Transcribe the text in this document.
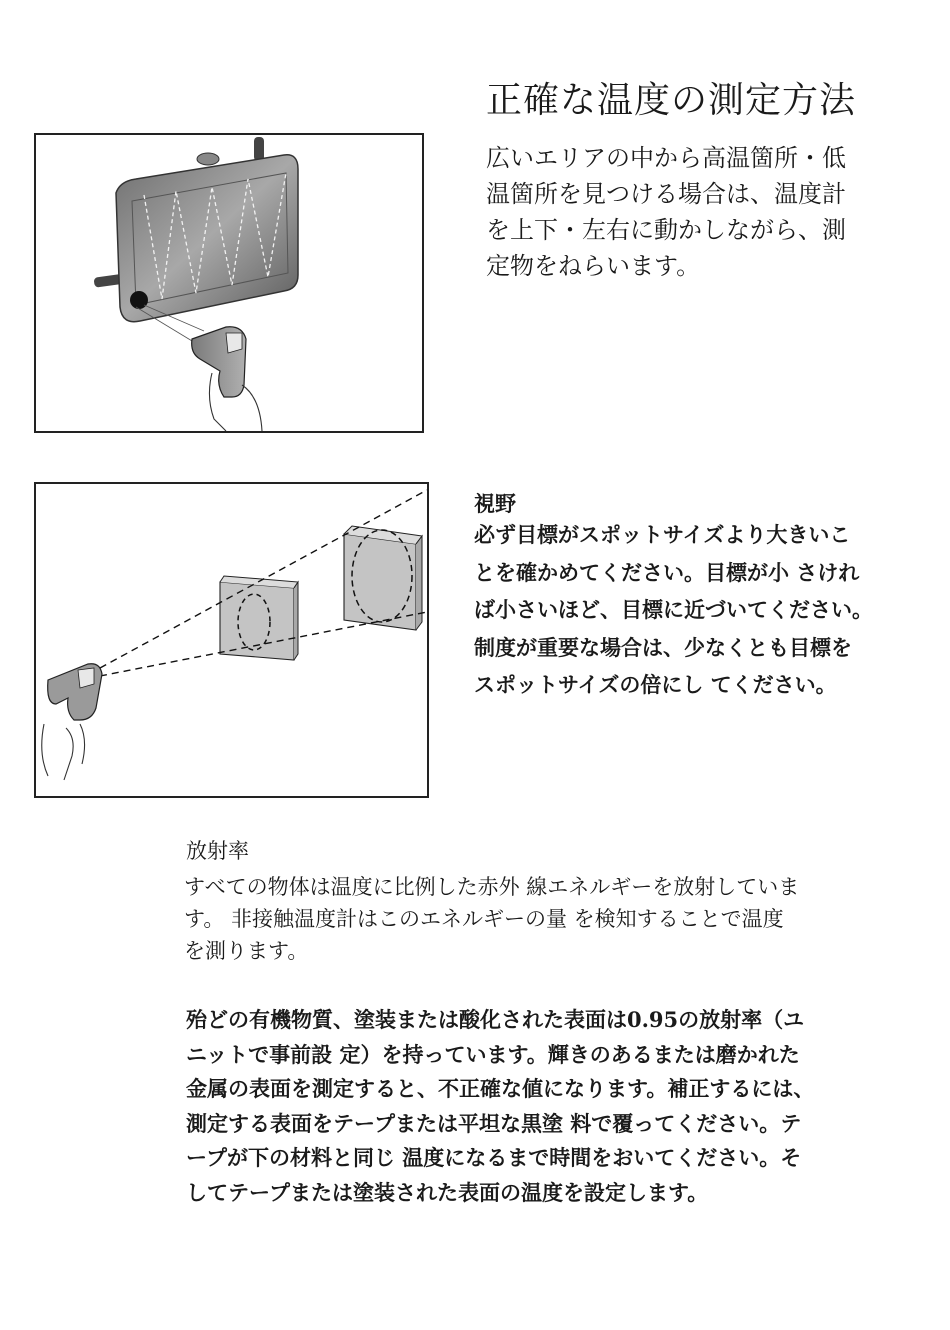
正確な温度の測定方法
広いエリアの中から高温箇所・低
温箇所を見つける場合は、温度計
を上下・左右に動かしながら、測
定物をねらいます。
視野
必ず目標がスポットサイズより大きいこ
とを確かめてください。目標が小 さけれ
ば小さいほど、目標に近づいてください。
制度が重要な場合は、少なくとも目標を
スポットサイズの倍にし てください。
放射率
すべての物体は温度に比例した赤外 線エネルギーを放射していま
す。 非接触温度計はこのエネルギーの量 を検知することで温度
を測ります。
殆どの有機物質、塗装または酸化された表面は0.95の放射率（ユ
ニットで事前設 定）を持っています。輝きのあるまたは磨かれた
金属の表面を測定すると、不正確な値になります。補正するには、
測定する表面をテープまたは平坦な黒塗 料で覆ってください。テ
ープが下の材料と同じ 温度になるまで時間をおいてください。そ
してテープまたは塗装された表面の温度を設定します。
